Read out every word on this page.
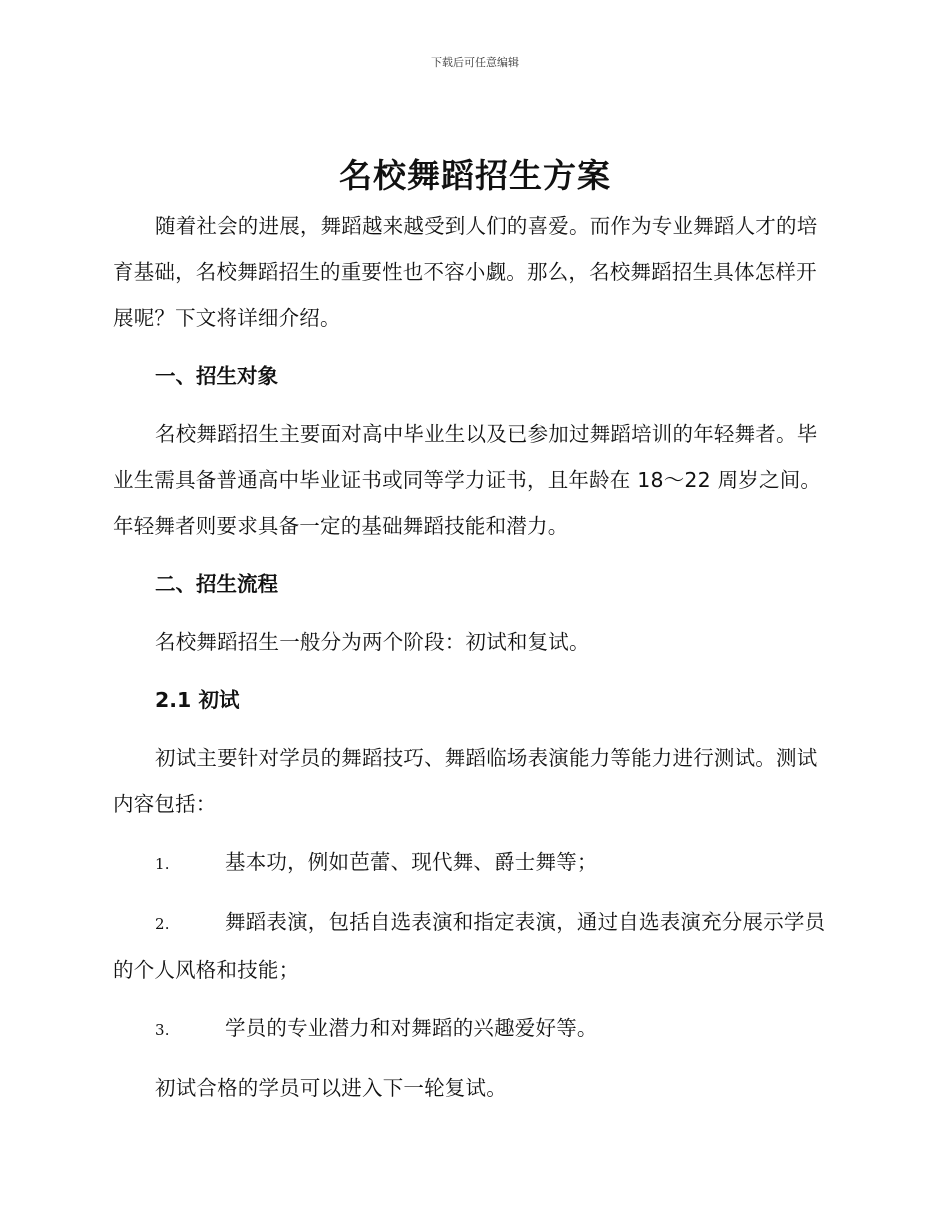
下载后可任意编辑
名校舞蹈招生方案

随着社会的进展，舞蹈越来越受到人们的喜爱。而作为专业舞蹈人才的培育基础，名校舞蹈招生的重要性也不容小觑。那么，名校舞蹈招生具体怎样开展呢？下文将详细介绍。

一、招生对象

名校舞蹈招生主要面对高中毕业生以及已参加过舞蹈培训的年轻舞者。毕业生需具备普通高中毕业证书或同等学力证书，且年龄在 18～22 周岁之间。年轻舞者则要求具备一定的基础舞蹈技能和潜力。

二、招生流程

名校舞蹈招生一般分为两个阶段：初试和复试。

2.1 初试

初试主要针对学员的舞蹈技巧、舞蹈临场表演能力等能力进行测试。测试内容包括：

1.	基本功，例如芭蕾、现代舞、爵士舞等；

2.	舞蹈表演，包括自选表演和指定表演，通过自选表演充分展示学员的个人风格和技能；

3.	学员的专业潜力和对舞蹈的兴趣爱好等。

初试合格的学员可以进入下一轮复试。
